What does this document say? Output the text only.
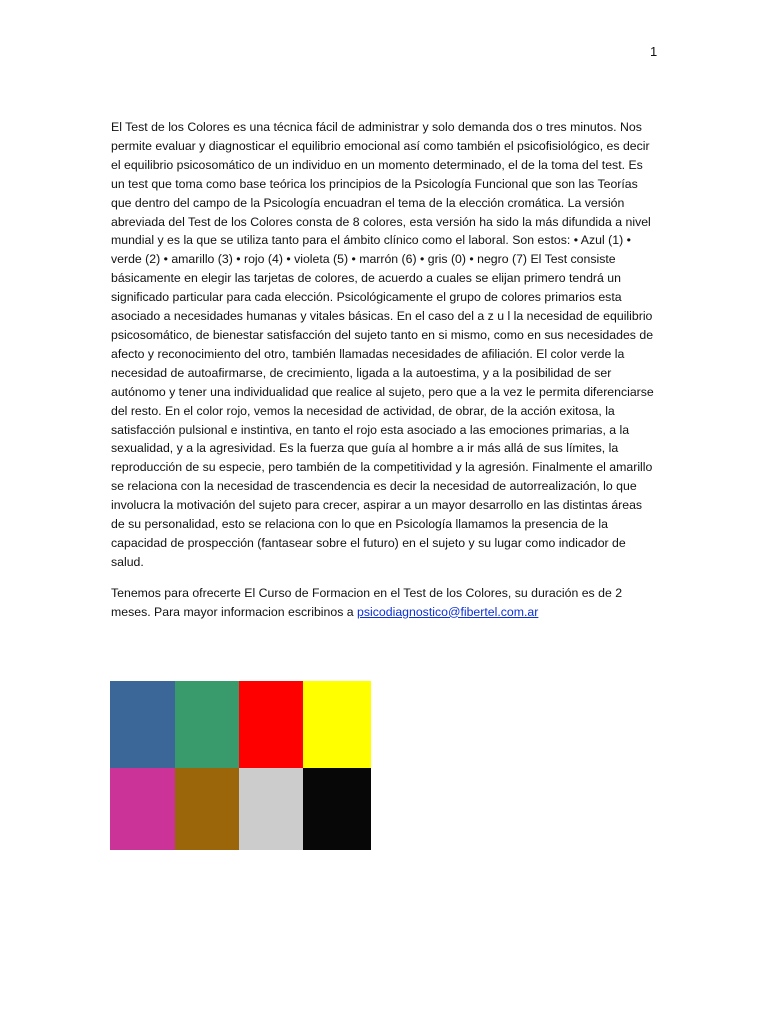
1

El Test de los Colores es una técnica fácil de administrar y solo demanda dos o tres minutos. Nos permite evaluar y diagnosticar el equilibrio emocional así como también el psicofisiológico, es decir el equilibrio psicosomático de un individuo en un momento determinado, el de la toma del test. Es un test que toma como base teórica los principios de la Psicología Funcional que son las Teorías que dentro del campo de la Psicología encuadran el tema de la elección cromática. La versión abreviada del Test de los Colores consta de 8 colores, esta versión ha sido la más difundida a nivel mundial y es la que se utiliza tanto para el ámbito clínico como el laboral. Son estos: • Azul (1) • verde (2) • amarillo (3) • rojo (4) • violeta (5) • marrón (6) • gris (0) • negro (7) El Test consiste básicamente en elegir las tarjetas de colores, de acuerdo a cuales se elijan primero tendrá un significado particular para cada elección. Psicológicamente el grupo de colores primarios esta asociado a necesidades humanas y vitales básicas. En el caso del a z u l la necesidad de equilibrio psicosomático, de bienestar satisfacción del sujeto tanto en si mismo, como en sus necesidades de afecto y reconocimiento del otro, también llamadas necesidades de afiliación. El color verde la necesidad de autoafirmarse, de crecimiento, ligada a la autoestima, y a la posibilidad de ser autónomo y tener una individualidad que realice al sujeto, pero que a la vez le permita diferenciarse del resto. En el color rojo, vemos la necesidad de actividad, de obrar, de la acción exitosa, la satisfacción pulsional e instintiva, en tanto el rojo esta asociado a las emociones primarias, a la sexualidad, y a la agresividad. Es la fuerza que guía al hombre a ir más allá de sus límites, la reproducción de su especie, pero también de la competitividad y la agresión. Finalmente el amarillo se relaciona con la necesidad de trascendencia es decir la necesidad de autorrealización, lo que involucra la motivación del sujeto para crecer, aspirar a un mayor desarrollo en las distintas áreas de su personalidad, esto se relaciona con lo que en Psicología llamamos la presencia de la capacidad de prospección (fantasear sobre el futuro) en el sujeto y su lugar como indicador de salud.

Tenemos para ofrecerte El Curso de Formacion en el Test de los Colores, su duración es de 2 meses. Para mayor informacion escribinos a psicodiagnostico@fibertel.com.ar
